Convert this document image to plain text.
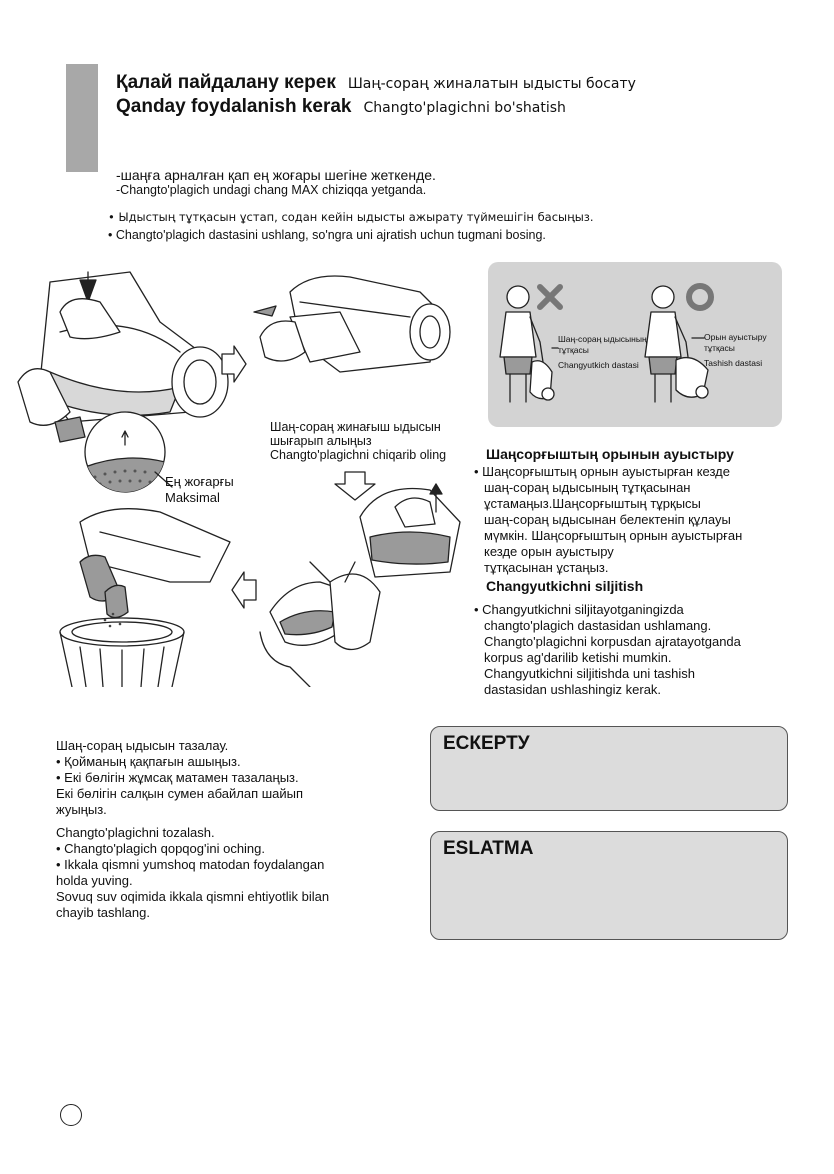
Қалай пайдалану керек Шаң-сораң жиналатын ыдысты босату
Qanday foydalanish kerak Changto'plagichni bo'shatish
-шаңға арналған қап ең жоғары шегіне жеткенде.
-Changto'plagich undagi chang MAX chiziqqa yetganda.
• Ыдыстың тұтқасын ұстап, содан кейін ыдысты ажырату түймешігін басыңыз.
• Changto'plagich dastasini ushlang, so'ngra uni ajratish uchun tugmani bosing.
Шаң-сораң жинағыш ыдысын
шығарып алыңыз
Changto'plagichni chiqarib oling
Ең жоғарғы
Maksimal
Шаң-сораң ыдысының
тұтқасы
Changyutkich dastasi
Орын ауыстыру тұтқасы
Tashish dastasi
Шаңсорғыштың орынын ауыстыру
• Шаңсорғыштың орнын ауыстырған кезде
шаң-сораң ыдысының тұтқасынан
ұстамаңыз.Шаңсорғыштың тұрқысы
шаң-сораң ыдысынан белектеніп құлауы
мүмкін. Шаңсорғыштың орнын ауыстырған
кезде орын ауыстыру
тұтқасынан ұстаңыз.
Changyutkichni siljitish
• Changyutkichni siljitayotganingizda
changto'plagich dastasidan ushlamang.
Changto'plagichni korpusdan ajratayotganda
korpus ag'darilib ketishi mumkin.
Changyutkichni siljitishda uni tashish
dastasidan ushlashingiz kerak.
Шаң-сораң ыдысын тазалау.
• Қойманың қақпағын ашыңыз.
• Екі бөлігін жұмсақ матамен тазалаңыз.
Екі бөлігін салқын сумен абайлап шайып
жуыңыз.
Changto'plagichni tozalash.
• Changto'plagich qopqog'ini oching.
• Ikkala qismni yumshoq matodan foydalangan
holda yuving.
Sovuq suv oqimida ikkala qismni ehtiyotlik bilan
chayib tashlang.
ЕСКЕРТУ
ESLATMA
